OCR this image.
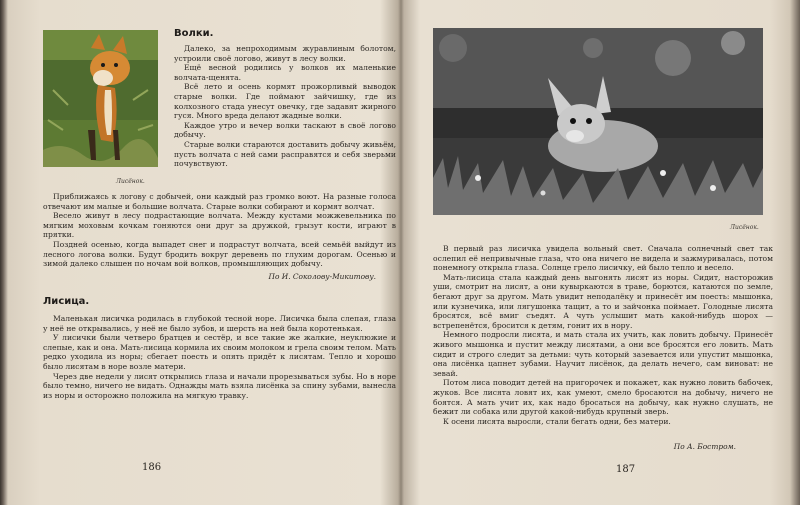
Лисёнок.
Волки.

Далеко, за непроходимым журавлиным болотом, устроили своё логово, живут в лесу волки.

Ещё весной родились у волков их маленькие волчата-щенята.

Всё лето и осень кормят прожорливый выводок старые волки. Где поймают зайчишку, где из колхозного стада унесут овечку, где задавят жирного гуся. Много вреда делают жадные волки.

Каждое утро и вечер волки таскают в своё логово добычу.

Старые волки стараются доставить добычу живьём, пусть волчата с ней сами расправятся и себя зверьми почувствуют.

Приближаясь к логову с добычей, они каждый раз громко воют. На разные голоса отвечают им малые и большие волчата. Старые волки собирают и кормят волчат.

Весело живут в лесу подрастающие волчата. Между кустами можжевельника по мягким моховым кочкам гоняются они друг за дружкой, грызут кости, играют в прятки.

Поздней осенью, когда выпадет снег и подрастут волчата, всей семьёй выйдут из лесного логова волки. Будут бродить вокруг деревень по глухим дорогам. Осенью и зимой далеко слышен по ночам вой волков, промышляющих добычу.

По И. Соколову-Микитову.
Лисица.

Маленькая лисичка родилась в глубокой тесной норе. Лисичка была слепая, глаза у неё не открывались, у неё не было зубов, и шерсть на ней была коротенькая.

У лисички были четверо братцев и сестёр, и все такие же жалкие, неуклюжие и слепые, как и она. Мать-лисица кормила их своим молоком и грела своим телом. Мать редко уходила из норы; сбегает поесть и опять придёт к лисятам. Тепло и хорошо было лисятам в норе возле матери.

Через две недели у лисят открылись глаза и начали прорезываться зубы. Но в норе было темно, ничего не видать. Однажды мать взяла лисёнка за спину зубами, вынесла из норы и осторожно положила на мягкую травку.

186
Лисёнок.

В первый раз лисичка увидела вольный свет. Сначала солнечный свет так ослепил её непривычные глаза, что она ничего не видела и зажмуривалась, потом понемногу открыла глаза. Солнце грело лисичку, ей было тепло и весело.

Мать-лисица стала каждый день выгонять лисят из норы. Сидит, насторожив уши, смотрит на лисят, а они кувыркаются в траве, борются, катаются по земле, бегают друг за другом. Мать увидит неподалёку и принесёт им поесть: мышонка, или кузнечика, или лягушонка тащит, а то и зайчонка поймает. Голодные лисята бросятся, всё вмиг съедят. А чуть услышит мать какой-нибудь шорох — встрепенётся, бросится к детям, гонит их в нору.

Немного подросли лисята, и мать стала их учить, как ловить добычу. Принесёт живого мышонка и пустит между лисятами, а они все бросятся его ловить. Мать сидит и строго следит за детьми: чуть который зазевается или упустит мышонка, она лисёнка цапнет зубами. Научит лисёнок, да делать нечего, сам виноват: не зевай.

Потом лиса поводит детей на пригорочек и покажет, как нужно ловить бабочек, жуков. Все лисята ловят их, как умеют, смело бросаются на добычу, ничего не боятся. А мать учит их, как надо бросаться на добычу, как нужно слушать, не бежит ли собака или другой какой-нибудь крупный зверь.

К осени лисята выросли, стали бегать одни, без матери.

По А. Бостром.
187
